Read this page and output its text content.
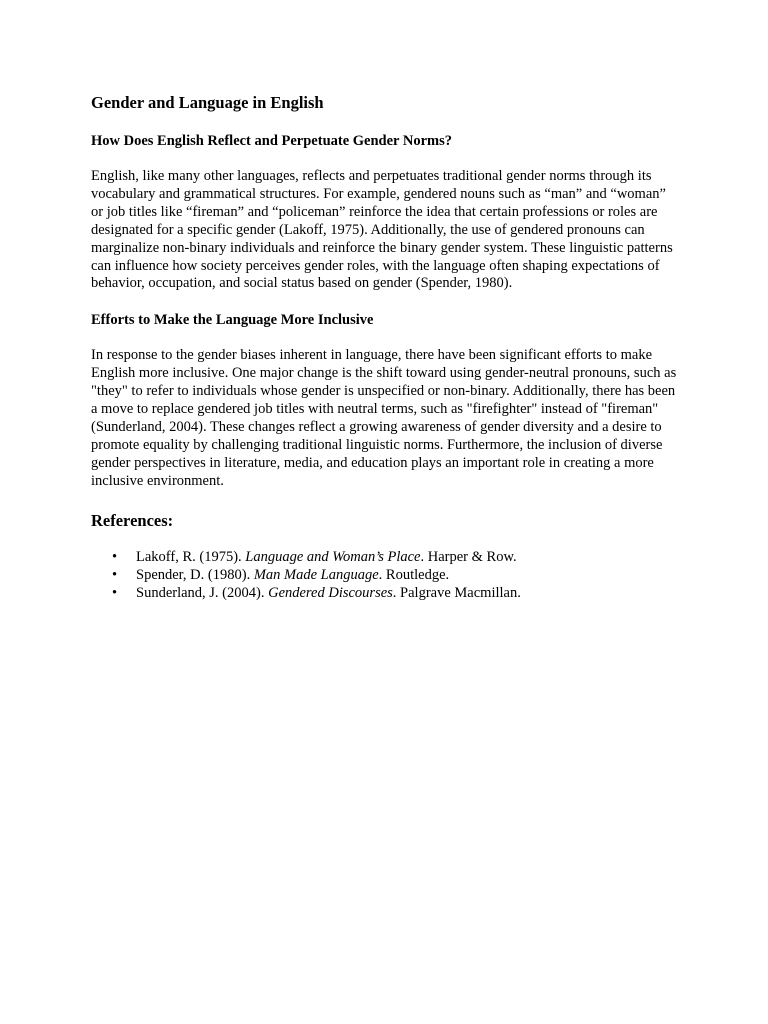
Gender and Language in English
How Does English Reflect and Perpetuate Gender Norms?

English, like many other languages, reflects and perpetuates traditional gender norms through its vocabulary and grammatical structures. For example, gendered nouns such as “man” and “woman” or job titles like “fireman” and “policeman” reinforce the idea that certain professions or roles are designated for a specific gender (Lakoff, 1975). Additionally, the use of gendered pronouns can marginalize non-binary individuals and reinforce the binary gender system. These linguistic patterns can influence how society perceives gender roles, with the language often shaping expectations of behavior, occupation, and social status based on gender (Spender, 1980).

Efforts to Make the Language More Inclusive

In response to the gender biases inherent in language, there have been significant efforts to make English more inclusive. One major change is the shift toward using gender-neutral pronouns, such as "they" to refer to individuals whose gender is unspecified or non-binary. Additionally, there has been a move to replace gendered job titles with neutral terms, such as "firefighter" instead of "fireman" (Sunderland, 2004). These changes reflect a growing awareness of gender diversity and a desire to promote equality by challenging traditional linguistic norms. Furthermore, the inclusion of diverse gender perspectives in literature, media, and education plays an important role in creating a more inclusive environment.

References:
• Lakoff, R. (1975). Language and Woman’s Place. Harper & Row.
• Spender, D. (1980). Man Made Language. Routledge.
• Sunderland, J. (2004). Gendered Discourses. Palgrave Macmillan.
